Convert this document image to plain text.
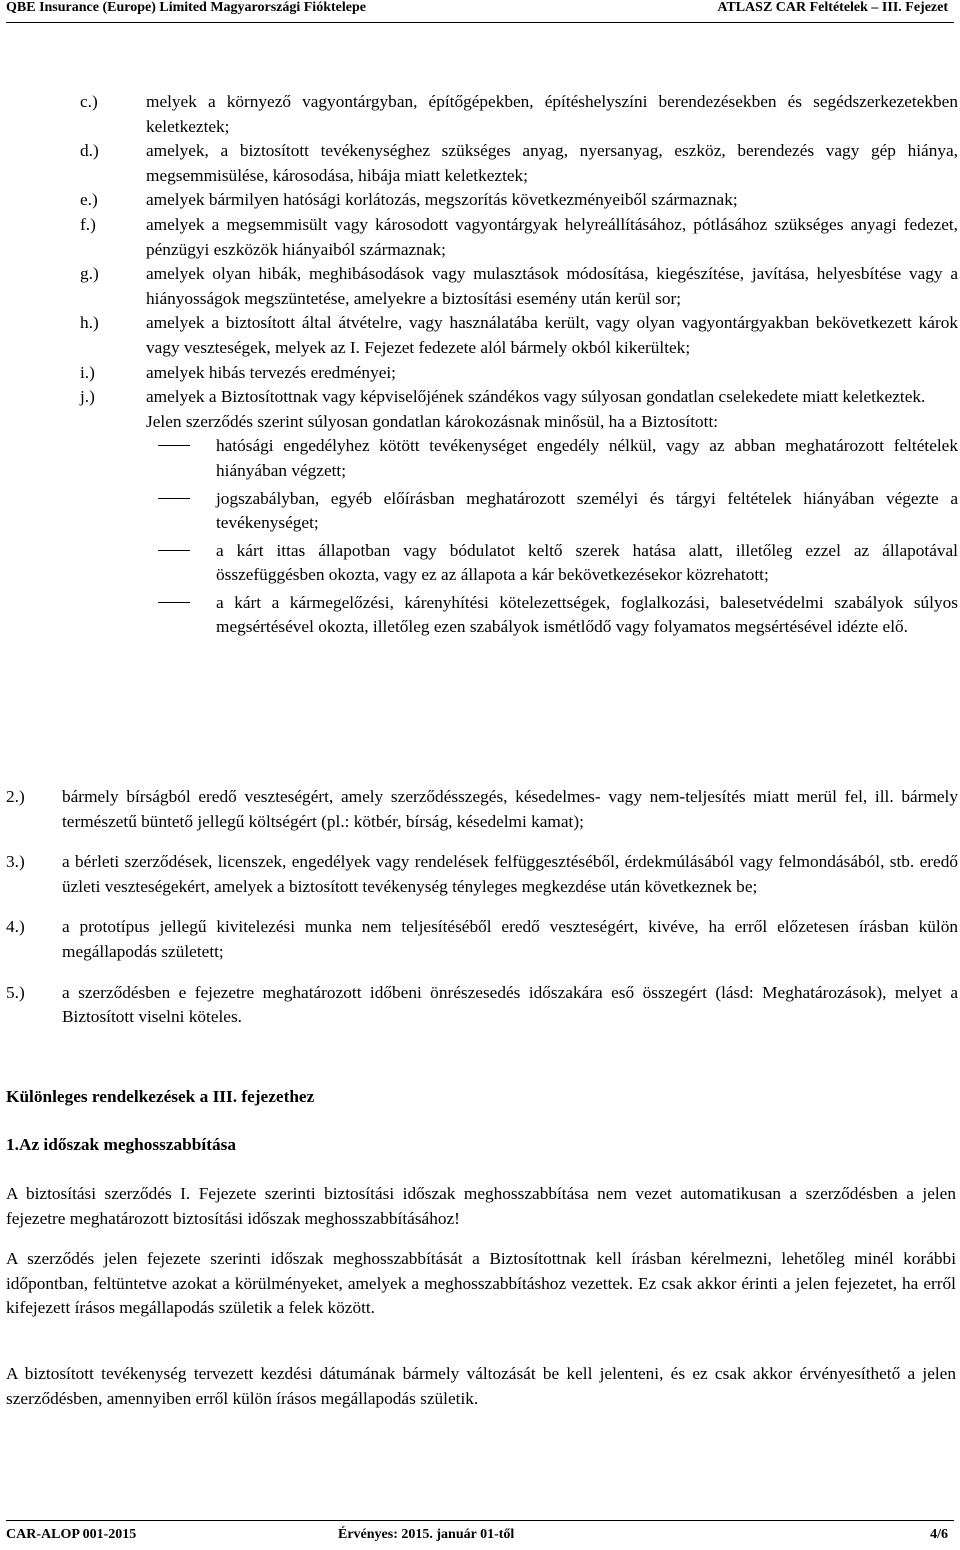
QBE Insurance (Europe) Limited Magyarországi Fióktelepe	ATLASZ CAR Feltételek – III. Fejezet
c.)	melyek a környező vagyontárgyban, építőgépekben, építéshelyszíni berendezésekben és segédszerkezetekben keletkeztek;

d.)	amelyek, a biztosított tevékenységhez szükséges anyag, nyersanyag, eszköz, berendezés vagy gép hiánya, megsemmisülése, károsodása, hibája miatt keletkeztek;

e.)	amelyek bármilyen hatósági korlátozás, megszorítás következményeiből származnak;

f.)	amelyek a megsemmisült vagy károsodott vagyontárgyak helyreállításához, pótlásához szükséges anyagi fedezet, pénzügyi eszközök hiányaiból származnak;

g.)	amelyek olyan hibák, meghibásodások vagy mulasztások módosítása, kiegészítése, javítása, helyesbítése vagy a hiányosságok megszüntetése, amelyekre a biztosítási esemény után kerül sor;

h.)	amelyek a biztosított által átvételre, vagy használatába került, vagy olyan vagyontárgyakban bekövetkezett károk vagy veszteségek, melyek az I. Fejezet fedezete alól bármely okból kikerültek;

i.)	amelyek hibás tervezés eredményei;

j.)	amelyek a Biztosítottnak vagy képviselőjének szándékos vagy súlyosan gondatlan cselekedete miatt keletkeztek.

Jelen szerződés szerint súlyosan gondatlan károkozásnak minősül, ha a Biztosított:

hatósági engedélyhez kötött tevékenységet engedély nélkül, vagy az abban meghatározott feltételek hiányában végzett;
jogszabályban, egyéb előírásban meghatározott személyi és tárgyi feltételek hiányában végezte a tevékenységet;
a kárt ittas állapotban vagy bódulatot keltő szerek hatása alatt, illetőleg ezzel az állapotával összefüggésben okozta, vagy ez az állapota a kár bekövetkezésekor közrehatott;
a kárt a kármegelőzési, kárenyhítési kötelezettségek, foglalkozási, balesetvédelmi szabályok súlyos megsértésével okozta, illetőleg ezen szabályok ismétlődő vagy folyamatos megsértésével idézte elő.
2.) bármely bírságból eredő veszteségért, amely szerződésszegés, késedelmes- vagy nem-teljesítés miatt merül fel, ill. bármely természetű büntető jellegű költségért (pl.: kötbér, bírság, késedelmi kamat);
3.) a bérleti szerződések, licenszek, engedélyek vagy rendelések felfüggesztéséből, érdekmúlásából vagy felmondásából, stb. eredő üzleti veszteségekért, amelyek a biztosított tevékenység tényleges megkezdése után következnek be;
4.) a prototípus jellegű kivitelezési munka nem teljesítéséből eredő veszteségért, kivéve, ha erről előzetesen írásban külön megállapodás született;
5.) a szerződésben e fejezetre meghatározott időbeni önrészesedés időszakára eső összegért (lásd: Meghatározások), melyet a Biztosított viselni köteles.

Különleges rendelkezések a III. fejezethez

1.Az időszak meghosszabbítása

A biztosítási szerződés I. Fejezete szerinti biztosítási időszak meghosszabbítása nem vezet automatikusan a szerződésben a jelen fejezetre meghatározott biztosítási időszak meghosszabbításához!

A szerződés jelen fejezete szerinti időszak meghosszabbítását a Biztosítottnak kell írásban kérelmezni, lehetőleg minél korábbi időpontban, feltüntetve azokat a körülményeket, amelyek a meghosszabbításhoz vezettek. Ez csak akkor érinti a jelen fejezetet, ha erről kifejezett írásos megállapodás születik a felek között.

A biztosított tevékenység tervezett kezdési dátumának bármely változását be kell jelenteni, és ez csak akkor érvényesíthető a jelen szerződésben, amennyiben erről külön írásos megállapodás születik.

CAR-ALOP 001-2015	Érvényes: 2015. január 01-től	4/6
